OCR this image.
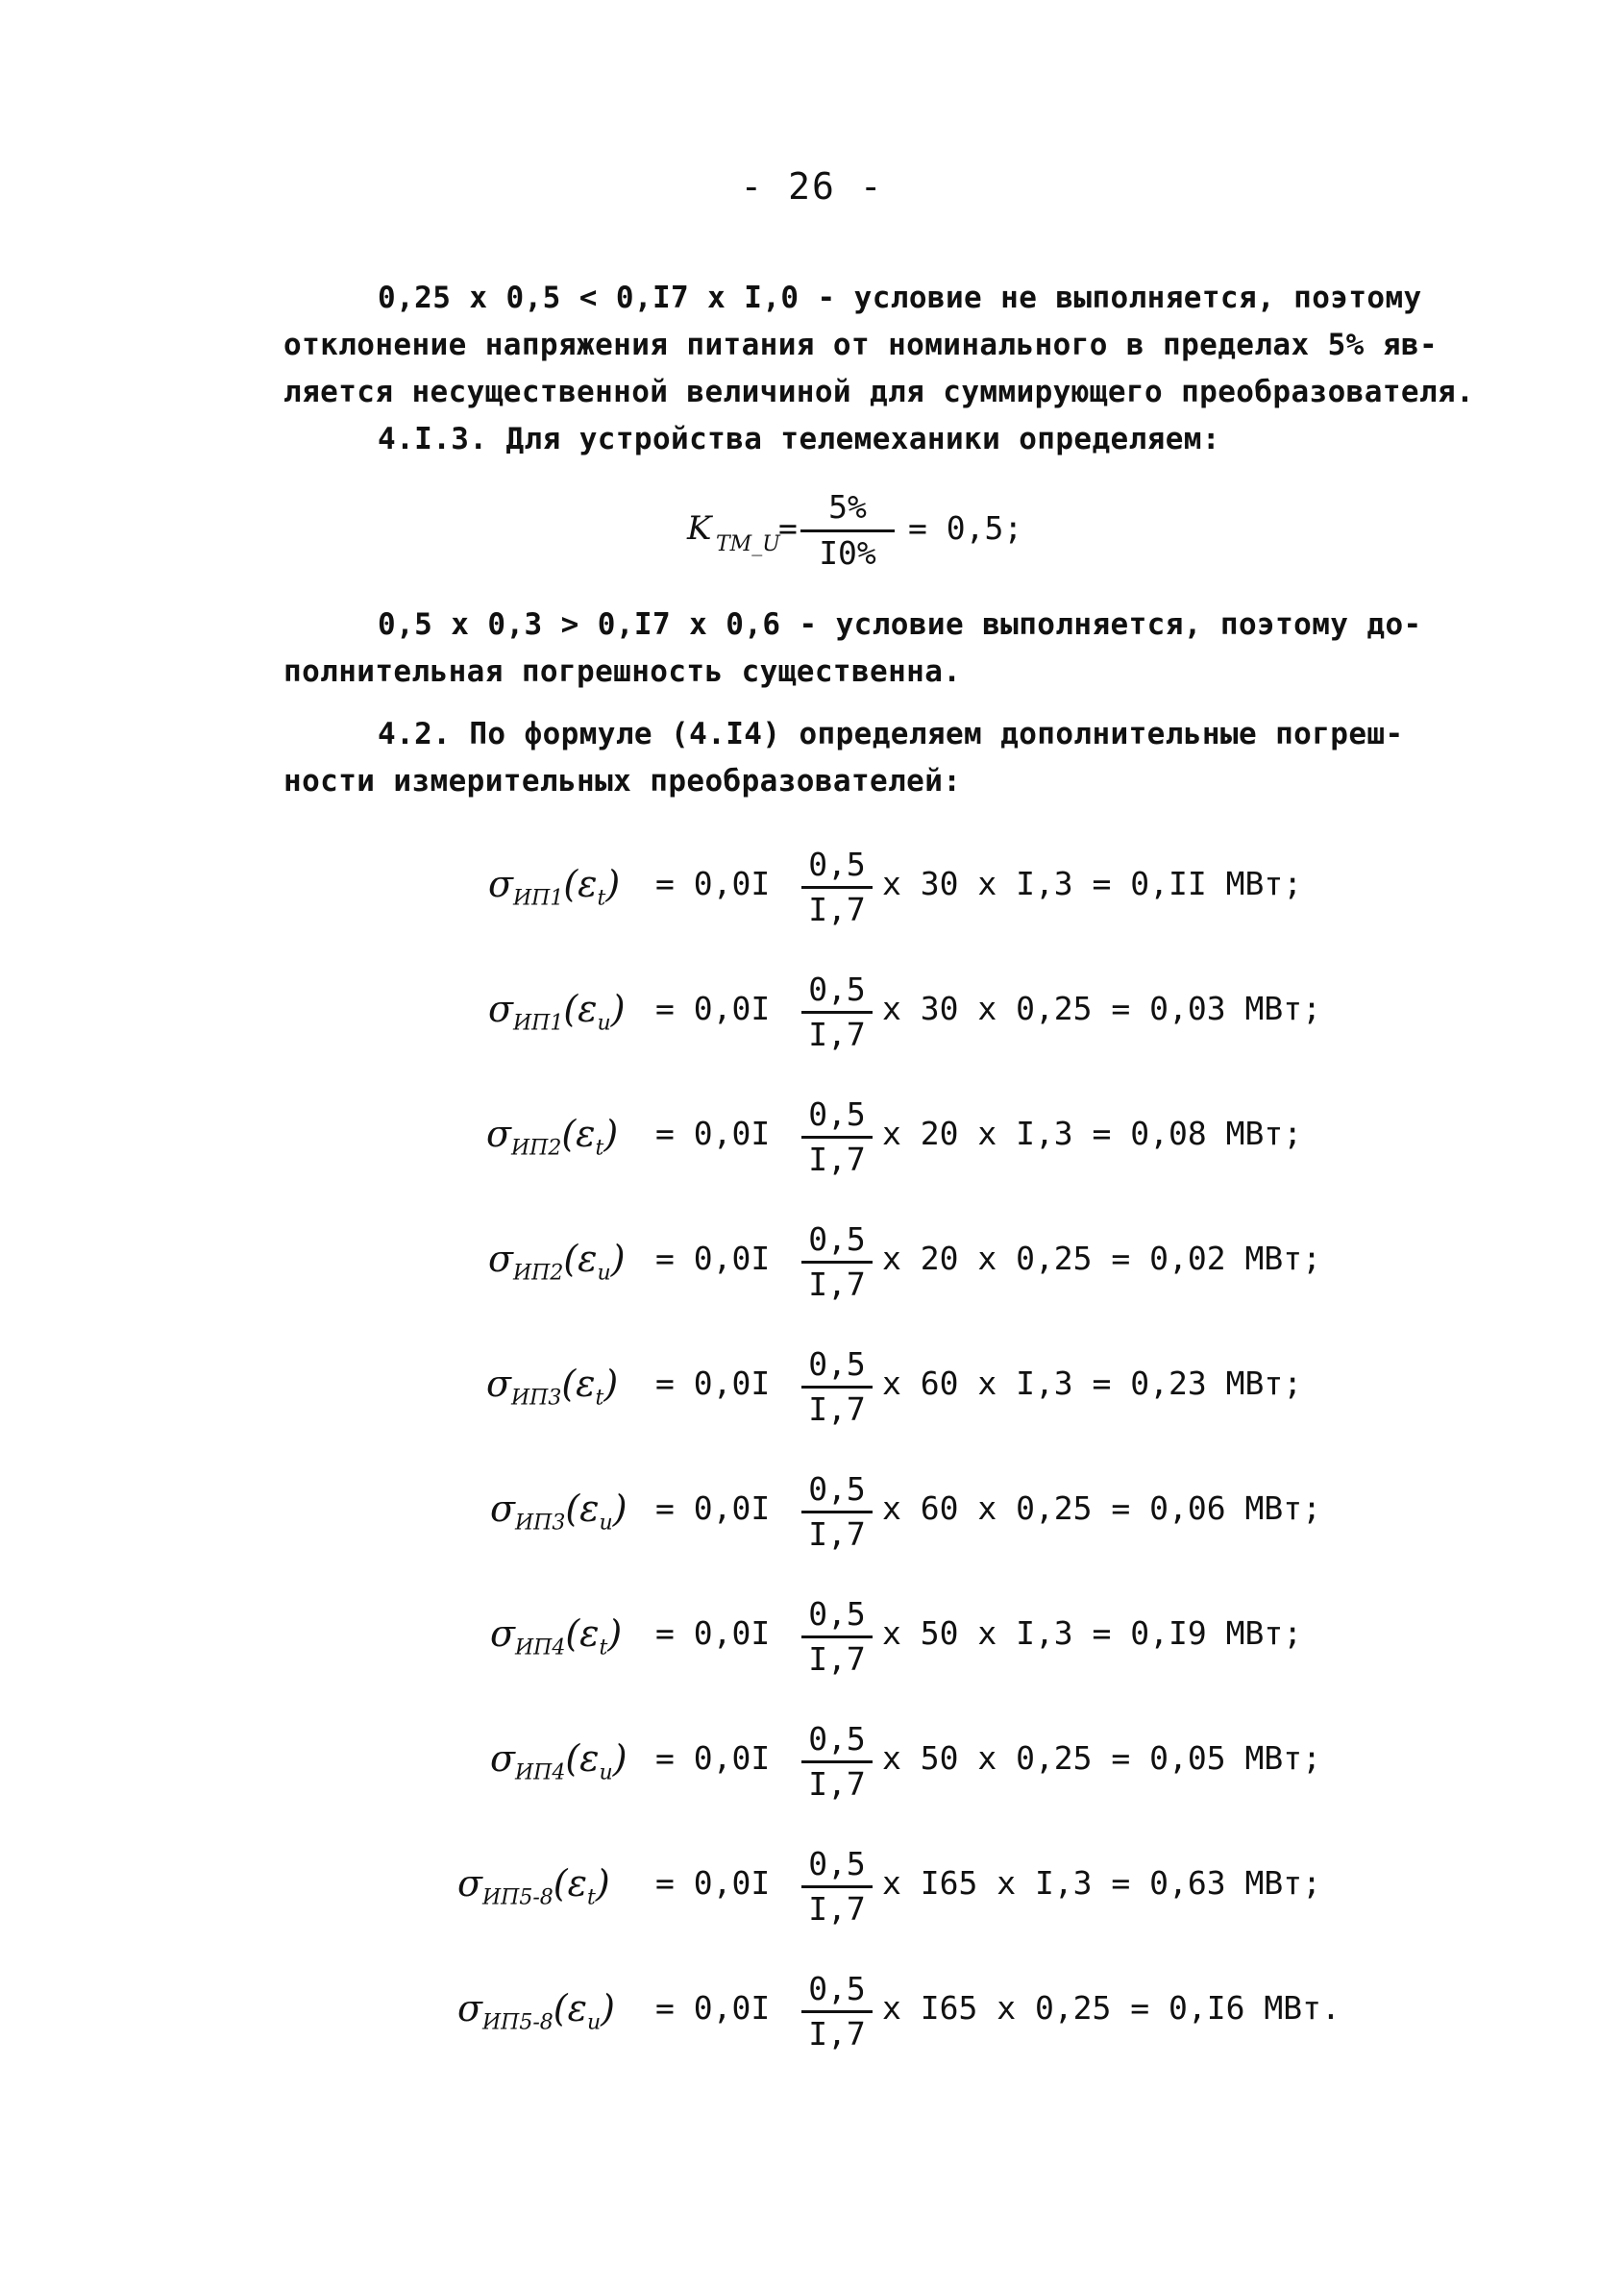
- 26 -
0,25 x 0,5 < 0,I7 x I,0 - условие не выполняется, поэтому
отклонение напряжения питания от номинального в пределах 5% яв-
ляется несущественной величиной для суммирующего преобразователя.
4.I.3. Для устройства телемеханики определяем:
K TM_U
= $\frac{5\%}{I0\%} = 0,5$;
0,5 x 0,3 > 0,I7 x 0,6 - условие выполняется, поэтому до-
полнительная погрешность существенна.
4.2. По формуле (4.I4) определяем дополнительные погреш-
ности измерительных преобразователей:
$\sigma_{ИП1}(\varepsilon_t) = 0,0I \frac{0,5}{I,7}$ x 30 x I,3 = 0,II МВт;
$\sigma_{ИП1}(\varepsilon_u) = 0,0I \frac{0,5}{I,7}$ x 30 x 0,25 = 0,03 МВт;
$\sigma_{ИП2}(\varepsilon_t) = 0,0I \frac{0,5}{I,7}$ x 20 x I,3 = 0,08 МВт;
$\sigma_{ИП2}(\varepsilon_u) = 0,0I \frac{0,5}{I,7}$ x 20 x 0,25 = 0,02 МВт;
$\sigma_{ИП3}(\varepsilon_t) = 0,0I \frac{0,5}{I,7}$ x 60 x I,3 = 0,23 МВт;
$\sigma_{ИП3}(\varepsilon_u) = 0,0I \frac{0,5}{I,7}$ x 60 x 0,25 = 0,06 МВт;
$\sigma_{ИП4}(\varepsilon_t) = 0,0I \frac{0,5}{I,7}$ x 50 x I,3 = 0,I9 МВт;
$\sigma_{ИП4}(\varepsilon_u) = 0,0I \frac{0,5}{I,7}$ x 50 x 0,25 = 0,05 МВт;
$\sigma_{ИП5-8}(\varepsilon_t) = 0,0I \frac{0,5}{I,7}$ x I65 x I,3 = 0,63 МВт;
$\sigma_{ИП5-8}(\varepsilon_u) = 0,0I \frac{0,5}{I,7}$ x I65 x 0,25 = 0,I6 МВт.
